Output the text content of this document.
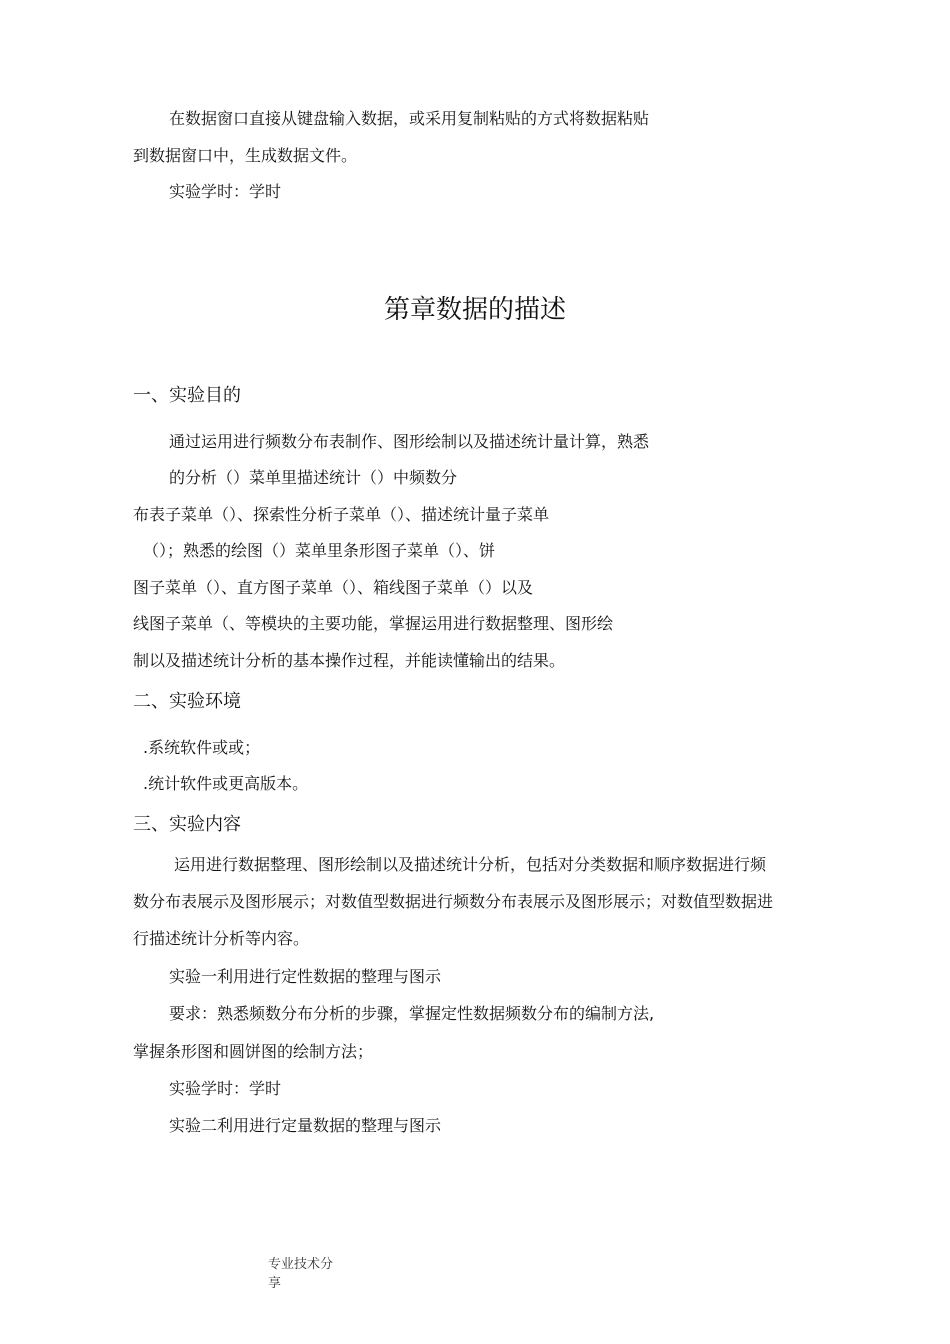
在数据窗口直接从键盘输入数据，或采用复制粘贴的方式将数据粘贴
到数据窗口中，生成数据文件。
实验学时：学时
第章数据的描述
一、实验目的
通过运用进行频数分布表制作、图形绘制以及描述统计量计算，熟悉
的分析（）菜单里描述统计（）中频数分
布表子菜单（）、探索性分析子菜单（）、描述统计量子菜单
（）；熟悉的绘图（）菜单里条形图子菜单（）、饼
图子菜单（）、直方图子菜单（）、箱线图子菜单（）以及
线图子菜单（、等模块的主要功能，掌握运用进行数据整理、图形绘
制以及描述统计分析的基本操作过程，并能读懂输出的结果。
二、实验环境
.系统软件或或；
.统计软件或更高版本。
三、实验内容
运用进行数据整理、图形绘制以及描述统计分析，包括对分类数据和顺序数据进行频
数分布表展示及图形展示；对数值型数据进行频数分布表展示及图形展示；对数值型数据进
行描述统计分析等内容。
实验一利用进行定性数据的整理与图示
要求：熟悉频数分布分析的步骤，掌握定性数据频数分布的编制方法,
掌握条形图和圆饼图的绘制方法；
实验学时：学时
实验二利用进行定量数据的整理与图示
专业技术分
享
